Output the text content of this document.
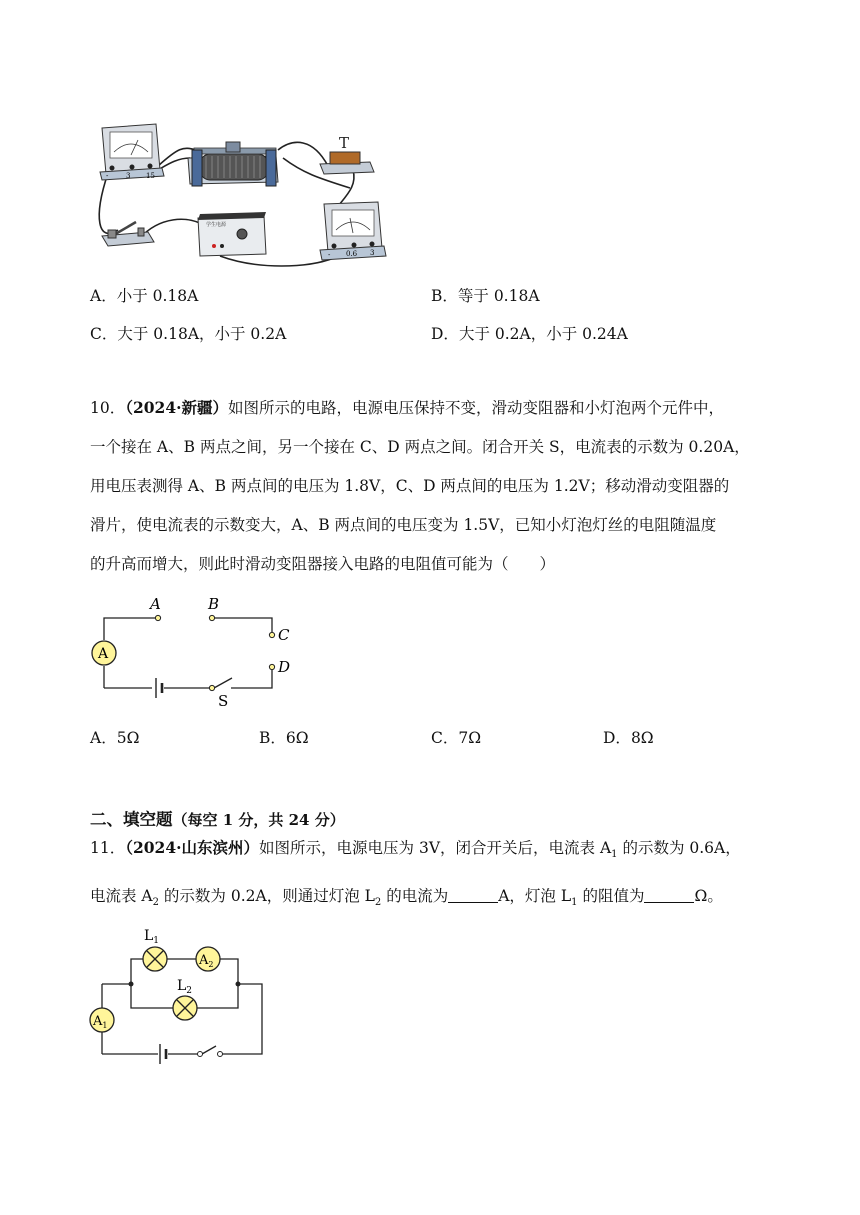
-	3 15
T
学生电源
- 0.6 3
A．小于 0.18A	B．等于 0.18A
C．大于 0.18A，小于 0.2A	D．大于 0.2A，小于 0.24A
10．（2024·新疆）如图所示的电路，电源电压保持不变，滑动变阻器和小灯泡两个元件中，
一个接在 A、B 两点之间，另一个接在 C、D 两点之间。闭合开关 S，电流表的示数为 0.20A，
用电压表测得 A、B 两点间的电压为 1.8V，C、D 两点间的电压为 1.2V；移动滑动变阻器的
滑片，使电流表的示数变大，A、B 两点间的电压变为 1.5V，已知小灯泡灯丝的电阻随温度
的升高而增大，则此时滑动变阻器接入电路的电阻值可能为（　　）
A	B
C
D
A
S
A．5Ω	B．6Ω	C．7Ω	D．8Ω
二、填空题（每空 1 分，共 24 分）
11．（2024·山东滨州）如图所示，电源电压为 3V，闭合开关后，电流表 $A_1$ 的示数为 0.6A，
电流表 $A_2$ 的示数为 0.2A，则通过灯泡 $L_2$ 的电流为	A，灯泡 $L_1$ 的阻值为	Ω。
$L_1$
$L_2$
$A_2$
$A_1$
